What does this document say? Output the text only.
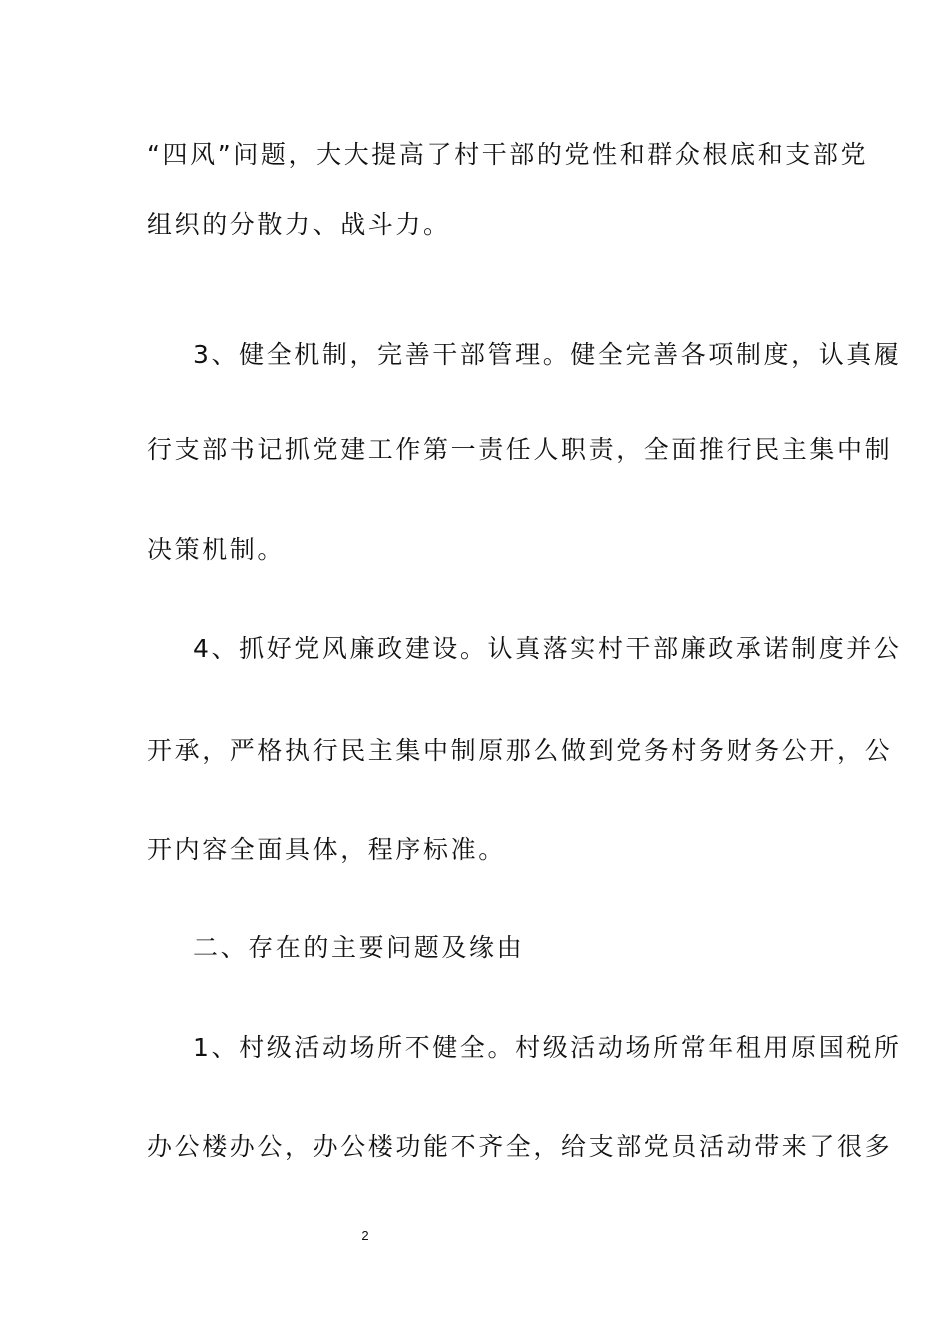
“四风”问题，大大提高了村干部的党性和群众根底和支部党
组织的分散力、战斗力。
3、健全机制，完善干部管理。健全完善各项制度，认真履
行支部书记抓党建工作第一责任人职责，全面推行民主集中制
决策机制。
4、抓好党风廉政建设。认真落实村干部廉政承诺制度并公
开承，严格执行民主集中制原那么做到党务村务财务公开，公
开内容全面具体，程序标准。
二、存在的主要问题及缘由
1、村级活动场所不健全。村级活动场所常年租用原国税所
办公楼办公，办公楼功能不齐全，给支部党员活动带来了很多
2
